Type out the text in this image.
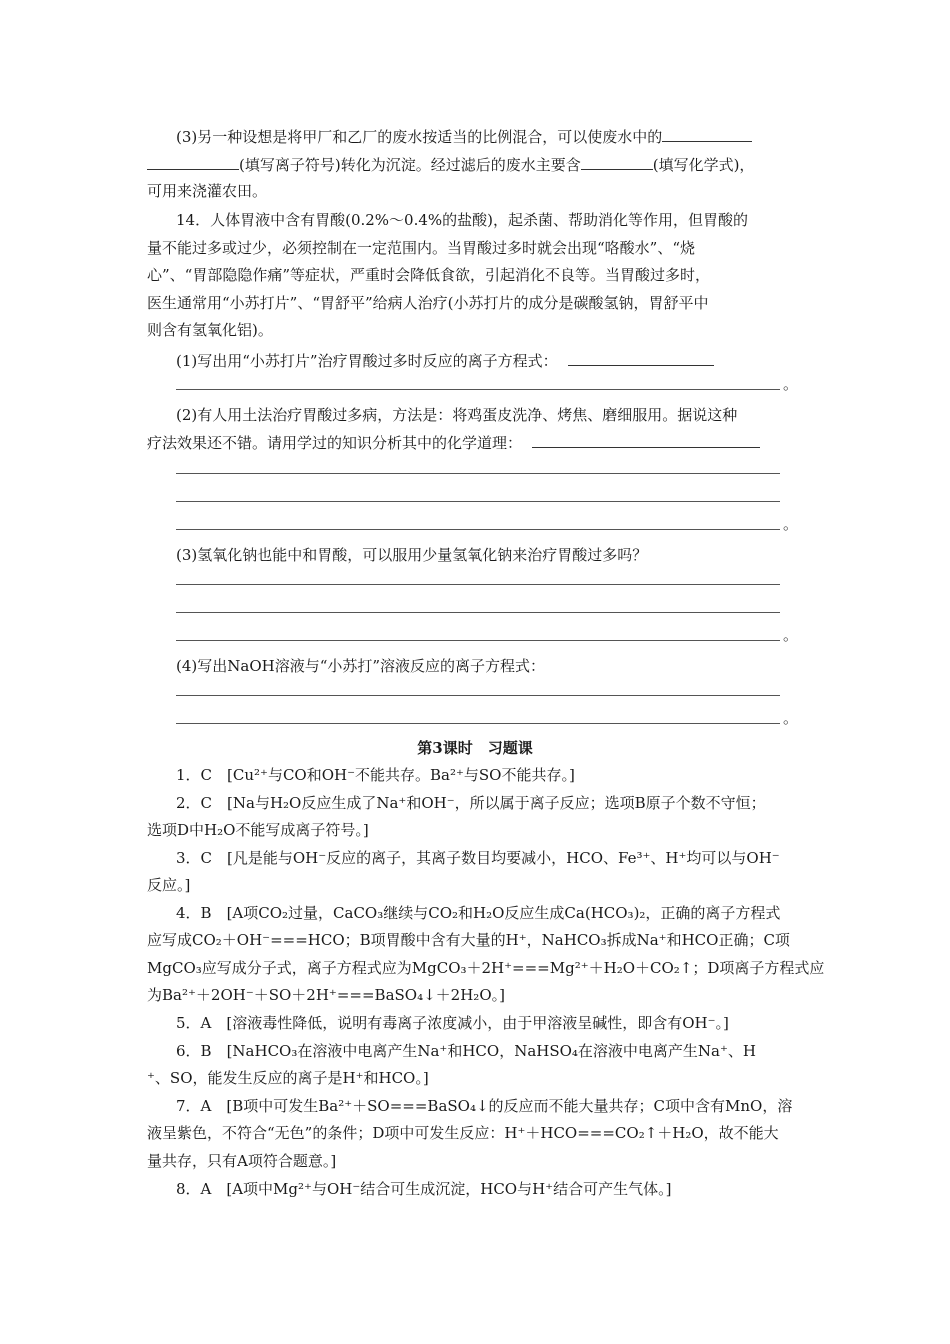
(3)另一种设想是将甲厂和乙厂的废水按适当的比例混合，可以使废水中的
(填写离子符号)转化为沉淀。经过滤后的废水主要含	(填写化学式)，
可用来浇灌农田。
14．人体胃液中含有胃酸(0.2%～0.4%的盐酸)，起杀菌、帮助消化等作用，但胃酸的
量不能过多或过少，必须控制在一定范围内。当胃酸过多时就会出现“咯酸水”、“烧
心”、“胃部隐隐作痛”等症状，严重时会降低食欲，引起消化不良等。当胃酸过多时，
医生通常用“小苏打片”、“胃舒平”给病人治疗(小苏打片的成分是碳酸氢钠，胃舒平中
则含有氢氧化铝)。
(1)写出用“小苏打片”治疗胃酸过多时反应的离子方程式：
。
(2)有人用土法治疗胃酸过多病，方法是：将鸡蛋皮洗净、烤焦、磨细服用。据说这种
疗法效果还不错。请用学过的知识分析其中的化学道理：
。
(3)氢氧化钠也能中和胃酸，可以服用少量氢氧化钠来治疗胃酸过多吗？
。
(4)写出NaOH溶液与“小苏打”溶液反应的离子方程式：
。
第3课时　习题课
1．C　[Cu²⁺与CO和OH⁻不能共存。Ba²⁺与SO不能共存。]
2．C　[Na与H₂O反应生成了Na⁺和OH⁻，所以属于离子反应；选项B原子个数不守恒；
选项D中H₂O不能写成离子符号。]
3．C　[凡是能与OH⁻反应的离子，其离子数目均要减小，HCO、Fe³⁺、H⁺均可以与OH⁻
反应。]
4．B　[A项CO₂过量，CaCO₃继续与CO₂和H₂O反应生成Ca(HCO₃)₂，正确的离子方程式
应写成CO₂＋OH⁻===HCO；B项胃酸中含有大量的H⁺，NaHCO₃拆成Na⁺和HCO正确；C项
MgCO₃应写成分子式，离子方程式应为MgCO₃＋2H⁺===Mg²⁺＋H₂O＋CO₂↑；D项离子方程式应
为Ba²⁺＋2OH⁻＋SO＋2H⁺===BaSO₄↓＋2H₂O。]
5．A　[溶液毒性降低，说明有毒离子浓度减小，由于甲溶液呈碱性，即含有OH⁻。]
6．B　[NaHCO₃在溶液中电离产生Na⁺和HCO，NaHSO₄在溶液中电离产生Na⁺、H
⁺、SO，能发生反应的离子是H⁺和HCO。]
7．A　[B项中可发生Ba²⁺＋SO===BaSO₄↓的反应而不能大量共存；C项中含有MnO，溶
液呈紫色，不符合“无色”的条件；D项中可发生反应：H⁺＋HCO===CO₂↑＋H₂O，故不能大
量共存，只有A项符合题意。]
8．A　[A项中Mg²⁺与OH⁻结合可生成沉淀，HCO与H⁺结合可产生气体。]
